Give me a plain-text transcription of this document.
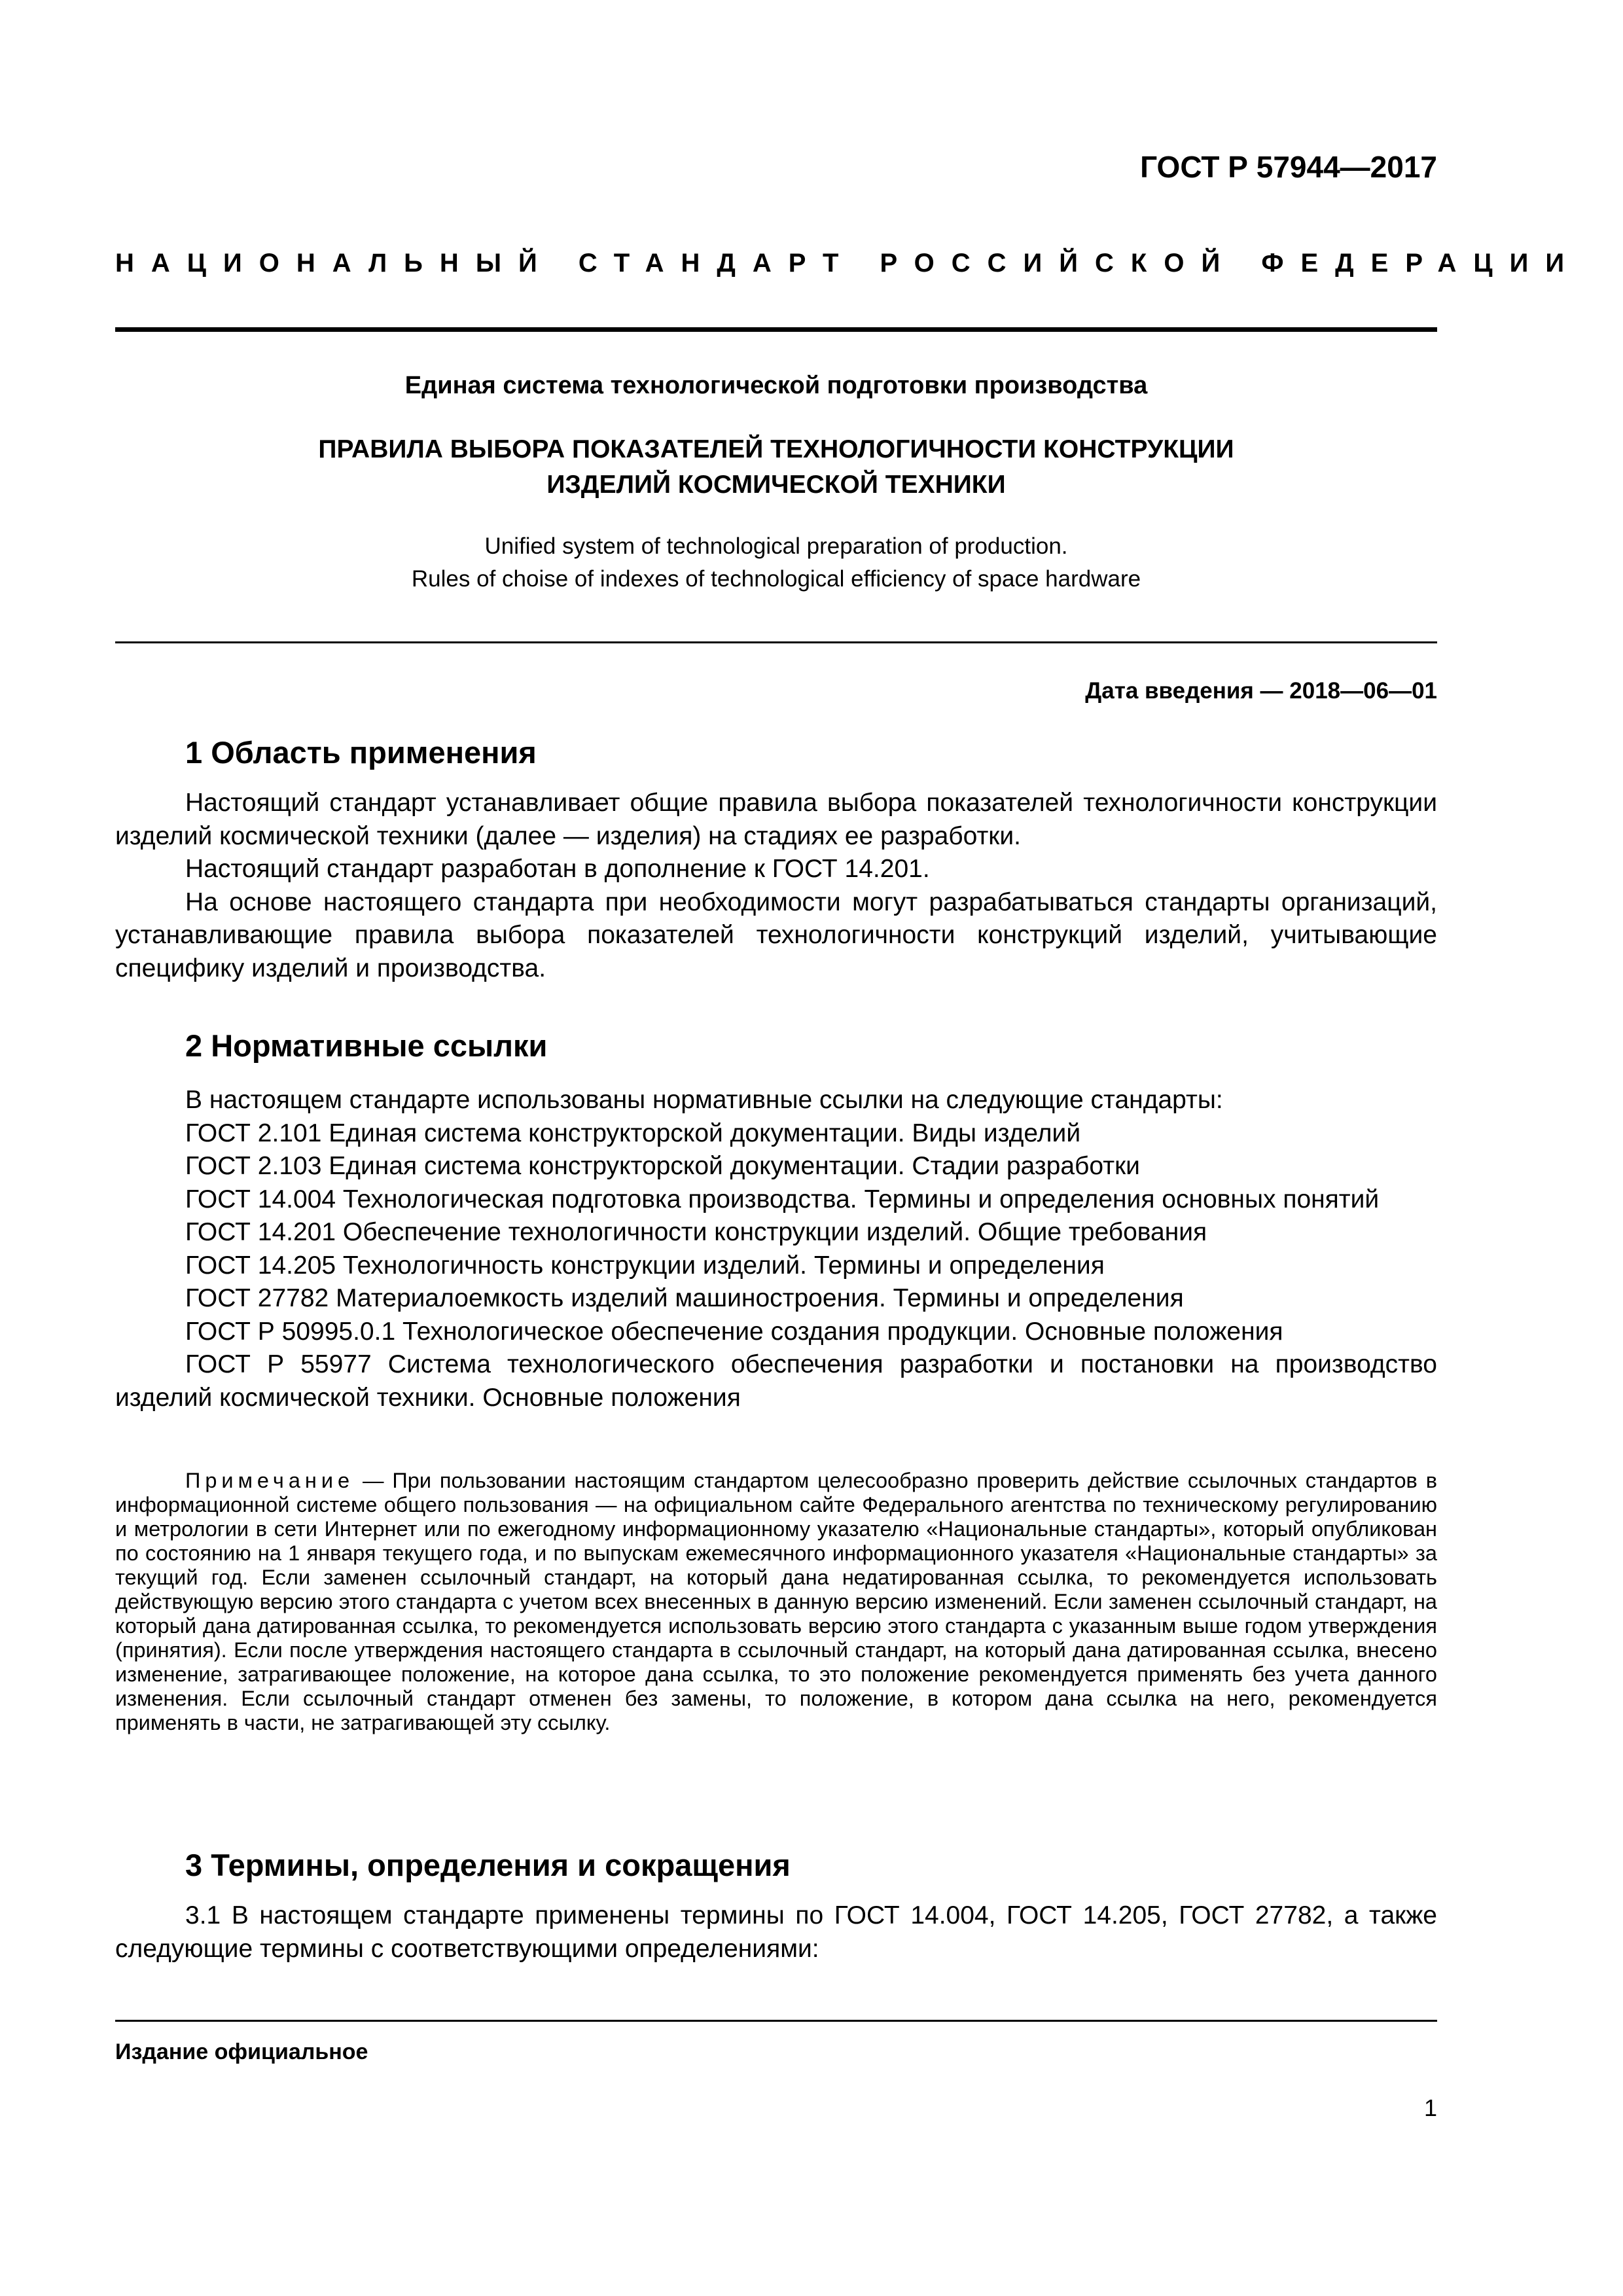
ГОСТ Р 57944—2017
НАЦИОНАЛЬНЫЙ СТАНДАРТ РОССИЙСКОЙ ФЕДЕРАЦИИ
Единая система технологической подготовки производства
ПРАВИЛА ВЫБОРА ПОКАЗАТЕЛЕЙ ТЕХНОЛОГИЧНОСТИ КОНСТРУКЦИИ
ИЗДЕЛИЙ КОСМИЧЕСКОЙ ТЕХНИКИ
Unified system of technological preparation of production.
Rules of choise of indexes of technological efficiency of space hardware
Дата введения — 2018—06—01
1 Область применения

Настоящий стандарт устанавливает общие правила выбора показателей технологичности конструкции изделий космической техники (далее — изделия) на стадиях ее разработки.

Настоящий стандарт разработан в дополнение к ГОСТ 14.201.

На основе настоящего стандарта при необходимости могут разрабатываться стандарты организаций, устанавливающие правила выбора показателей технологичности конструкций изделий, учитывающие специфику изделий и производства.

2 Нормативные ссылки

В настоящем стандарте использованы нормативные ссылки на следующие стандарты:

ГОСТ 2.101 Единая система конструкторской документации. Виды изделий

ГОСТ 2.103 Единая система конструкторской документации. Стадии разработки

ГОСТ 14.004 Технологическая подготовка производства. Термины и определения основных понятий

ГОСТ 14.201 Обеспечение технологичности конструкции изделий. Общие требования

ГОСТ 14.205 Технологичность конструкции изделий. Термины и определения

ГОСТ 27782 Материалоемкость изделий машиностроения. Термины и определения

ГОСТ Р 50995.0.1 Технологическое обеспечение создания продукции. Основные положения

ГОСТ Р 55977 Система технологического обеспечения разработки и постановки на производство изделий космической техники. Основные положения

Примечание — При пользовании настоящим стандартом целесообразно проверить действие ссылочных стандартов в информационной системе общего пользования — на официальном сайте Федерального агентства по техническому регулированию и метрологии в сети Интернет или по ежегодному информационному указателю «Национальные стандарты», который опубликован по состоянию на 1 января текущего года, и по выпускам ежемесячного информационного указателя «Национальные стандарты» за текущий год. Если заменен ссылочный стандарт, на который дана недатированная ссылка, то рекомендуется использовать действующую версию этого стандарта с учетом всех внесенных в данную версию изменений. Если заменен ссылочный стандарт, на который дана датированная ссылка, то рекомендуется использовать версию этого стандарта с указанным выше годом утверждения (принятия). Если после утверждения настоящего стандарта в ссылочный стандарт, на который дана датированная ссылка, внесено изменение, затрагивающее положение, на которое дана ссылка, то это положение рекомендуется применять без учета данного изменения. Если ссылочный стандарт отменен без замены, то положение, в котором дана ссылка на него, рекомендуется применять в части, не затрагивающей эту ссылку.
3 Термины, определения и сокращения

3.1 В настоящем стандарте применены термины по ГОСТ 14.004, ГОСТ 14.205, ГОСТ 27782, а также следующие термины с соответствующими определениями:

Издание официальное
1
